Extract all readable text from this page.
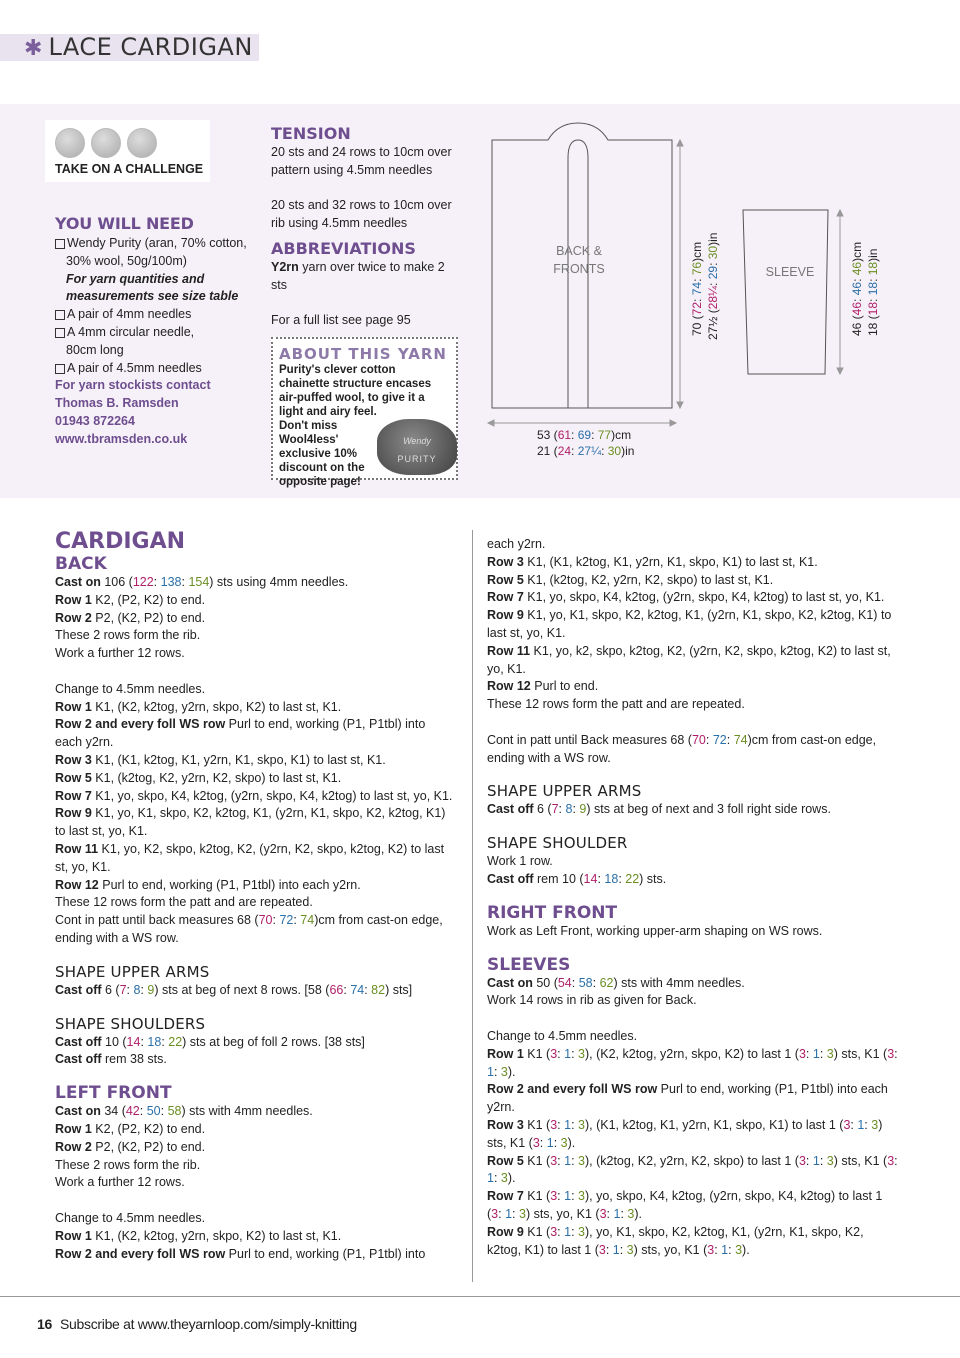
✱ LACE CARDIGAN
TAKE ON A CHALLENGE
YOU WILL NEED
Wendy Purity (aran, 70% cotton,
30% wool, 50g/100m)
For yarn quantities and
measurements see size table
A pair of 4mm needles
A 4mm circular needle,
80cm long
A pair of 4.5mm needles
For yarn stockists contact
Thomas B. Ramsden
01943 872264
www.tbramsden.co.uk
TENSION
20 sts and 24 rows to 10cm over
pattern using 4.5mm needles
20 sts and 32 rows to 10cm over
rib using 4.5mm needles
ABBREVIATIONS
Y2rn yarn over twice to make 2 sts
For a full list see page 95
ABOUT THIS YARN

Purity's clever cotton chainette structure encases air-puffed wool, to give it a light and airy feel.

Don't miss Wool4less' exclusive 10% discount on the opposite page!

Wendy
PURITY
BACK &
FRONTS	SLEEVE
53 (61: 69: 77)cm
21 (24: 27¼: 30)in
70 (72: 74: 76)cm
27½ (28¼: 29: 30)in
46 (46: 46: 46)cm
18 (18: 18: 18)in
CARDIGAN
BACK

Cast on 106 (122: 138: 154) sts using 4mm needles.

Row 1 K2, (P2, K2) to end.

Row 2 P2, (K2, P2) to end.

These 2 rows form the rib.

Work a further 12 rows.

Change to 4.5mm needles.

Row 1 K1, (K2, k2tog, y2rn, skpo, K2) to last st, K1.

Row 2 and every foll WS row Purl to end, working (P1, P1tbl) into each y2rn.

Row 3 K1, (K1, k2tog, K1, y2rn, K1, skpo, K1) to last st, K1.

Row 5 K1, (k2tog, K2, y2rn, K2, skpo) to last st, K1.

Row 7 K1, yo, skpo, K4, k2tog, (y2rn, skpo, K4, k2tog) to last st, yo, K1.

Row 9 K1, yo, K1, skpo, K2, k2tog, K1, (y2rn, K1, skpo, K2, k2tog, K1) to last st, yo, K1.

Row 11 K1, yo, K2, skpo, k2tog, K2, (y2rn, K2, skpo, k2tog, K2) to last st, yo, K1.

Row 12 Purl to end, working (P1, P1tbl) into each y2rn.

These 12 rows form the patt and are repeated.

Cont in patt until back measures 68 (70: 72: 74)cm from cast-on edge, ending with a WS row.

SHAPE UPPER ARMS

Cast off 6 (7: 8: 9) sts at beg of next 8 rows. [58 (66: 74: 82) sts]

SHAPE SHOULDERS

Cast off 10 (14: 18: 22) sts at beg of foll 2 rows. [38 sts]

Cast off rem 38 sts.

LEFT FRONT

Cast on 34 (42: 50: 58) sts with 4mm needles.

Row 1 K2, (P2, K2) to end.

Row 2 P2, (K2, P2) to end.

These 2 rows form the rib.

Work a further 12 rows.

Change to 4.5mm needles.

Row 1 K1, (K2, k2tog, y2rn, skpo, K2) to last st, K1.

Row 2 and every foll WS row Purl to end, working (P1, P1tbl) into

each y2rn.

Row 3 K1, (K1, k2tog, K1, y2rn, K1, skpo, K1) to last st, K1.

Row 5 K1, (k2tog, K2, y2rn, K2, skpo) to last st, K1.

Row 7 K1, yo, skpo, K4, k2tog, (y2rn, skpo, K4, k2tog) to last st, yo, K1.

Row 9 K1, yo, K1, skpo, K2, k2tog, K1, (y2rn, K1, skpo, K2, k2tog, K1) to last st, yo, K1.

Row 11 K1, yo, k2, skpo, k2tog, K2, (y2rn, K2, skpo, k2tog, K2) to last st, yo, K1.

Row 12 Purl to end.

These 12 rows form the patt and are repeated.

Cont in patt until Back measures 68 (70: 72: 74)cm from cast-on edge, ending with a WS row.

SHAPE UPPER ARMS

Cast off 6 (7: 8: 9) sts at beg of next and 3 foll right side rows.

SHAPE SHOULDER

Work 1 row.

Cast off rem 10 (14: 18: 22) sts.

RIGHT FRONT

Work as Left Front, working upper-arm shaping on WS rows.

SLEEVES

Cast on 50 (54: 58: 62) sts with 4mm needles.

Work 14 rows in rib as given for Back.

Change to 4.5mm needles.

Row 1 K1 (3: 1: 3), (K2, k2tog, y2rn, skpo, K2) to last 1 (3: 1: 3) sts, K1 (3: 1: 3).

Row 2 and every foll WS row Purl to end, working (P1, P1tbl) into each y2rn.

Row 3 K1 (3: 1: 3), (K1, k2tog, K1, y2rn, K1, skpo, K1) to last 1 (3: 1: 3) sts, K1 (3: 1: 3).

Row 5 K1 (3: 1: 3), (k2tog, K2, y2rn, K2, skpo) to last 1 (3: 1: 3) sts, K1 (3: 1: 3).

Row 7 K1 (3: 1: 3), yo, skpo, K4, k2tog, (y2rn, skpo, K4, k2tog) to last 1 (3: 1: 3) sts, yo, K1 (3: 1: 3).

Row 9 K1 (3: 1: 3), yo, K1, skpo, K2, k2tog, K1, (y2rn, K1, skpo, K2, k2tog, K1) to last 1 (3: 1: 3) sts, yo, K1 (3: 1: 3).

16 Subscribe at www.theyarnloop.com/simply-knitting
